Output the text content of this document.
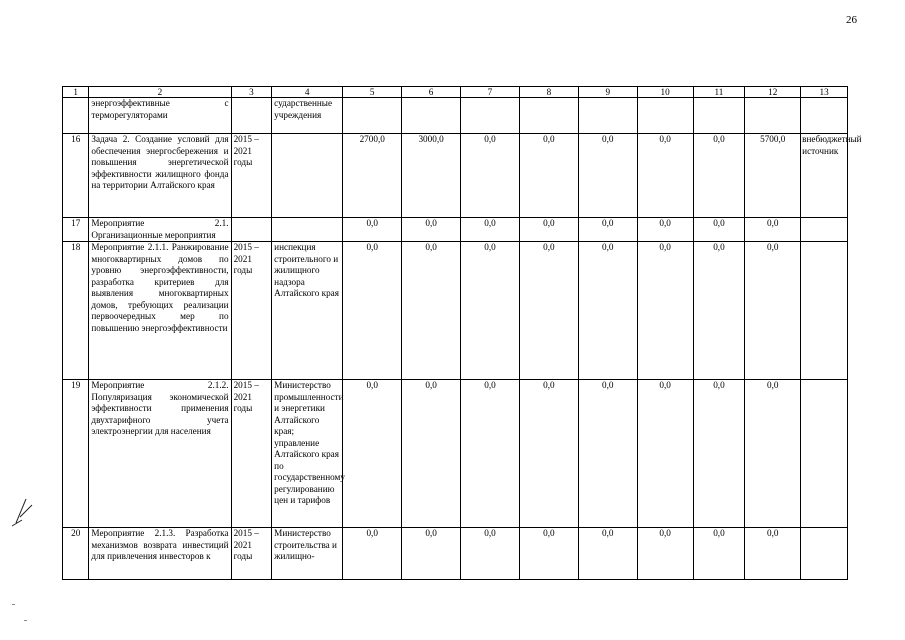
26
1	2	3	4	5	6	7	8	9	10	11	12	13
	энергоэффективные с терморегуляторами		сударственные учреждения									
16	Задача 2. Создание условий для обеспечения энергосбережения и повышения энергетической эффективности жилищного фонда на территории Алтайского края	2015 – 2021 годы		2700,0	3000,0	0,0	0,0	0,0	0,0	0,0	5700,0	внебюджетный источник
17	Мероприятие 2.1. Организационные мероприятия			0,0	0,0	0,0	0,0	0,0	0,0	0,0	0,0	
18	Мероприятие 2.1.1. Ранжирование многоквартирных домов по уровню энергоэффективности, разработка критериев для выявления многоквартирных домов, требующих реализации первоочередных мер по повышению энергоэффективности	2015 – 2021 годы	инспекция строительного и жилищного надзора Алтайского края	0,0	0,0	0,0	0,0	0,0	0,0	0,0	0,0	
19	Мероприятие 2.1.2. Популяризация экономической эффективности применения двухтарифного учета электроэнергии для населения	2015 – 2021 годы	Министерство промышленности и энергетики Алтайского края; управление Алтайского края по государственному регулированию цен и тарифов	0,0	0,0	0,0	0,0	0,0	0,0	0,0	0,0	
20	Мероприятие 2.1.3. Разработка механизмов возврата инвестиций для привлечения инвесторов к	2015 – 2021 годы	Министерство строительства и жилищно-	0,0	0,0	0,0	0,0	0,0	0,0	0,0	0,0	
